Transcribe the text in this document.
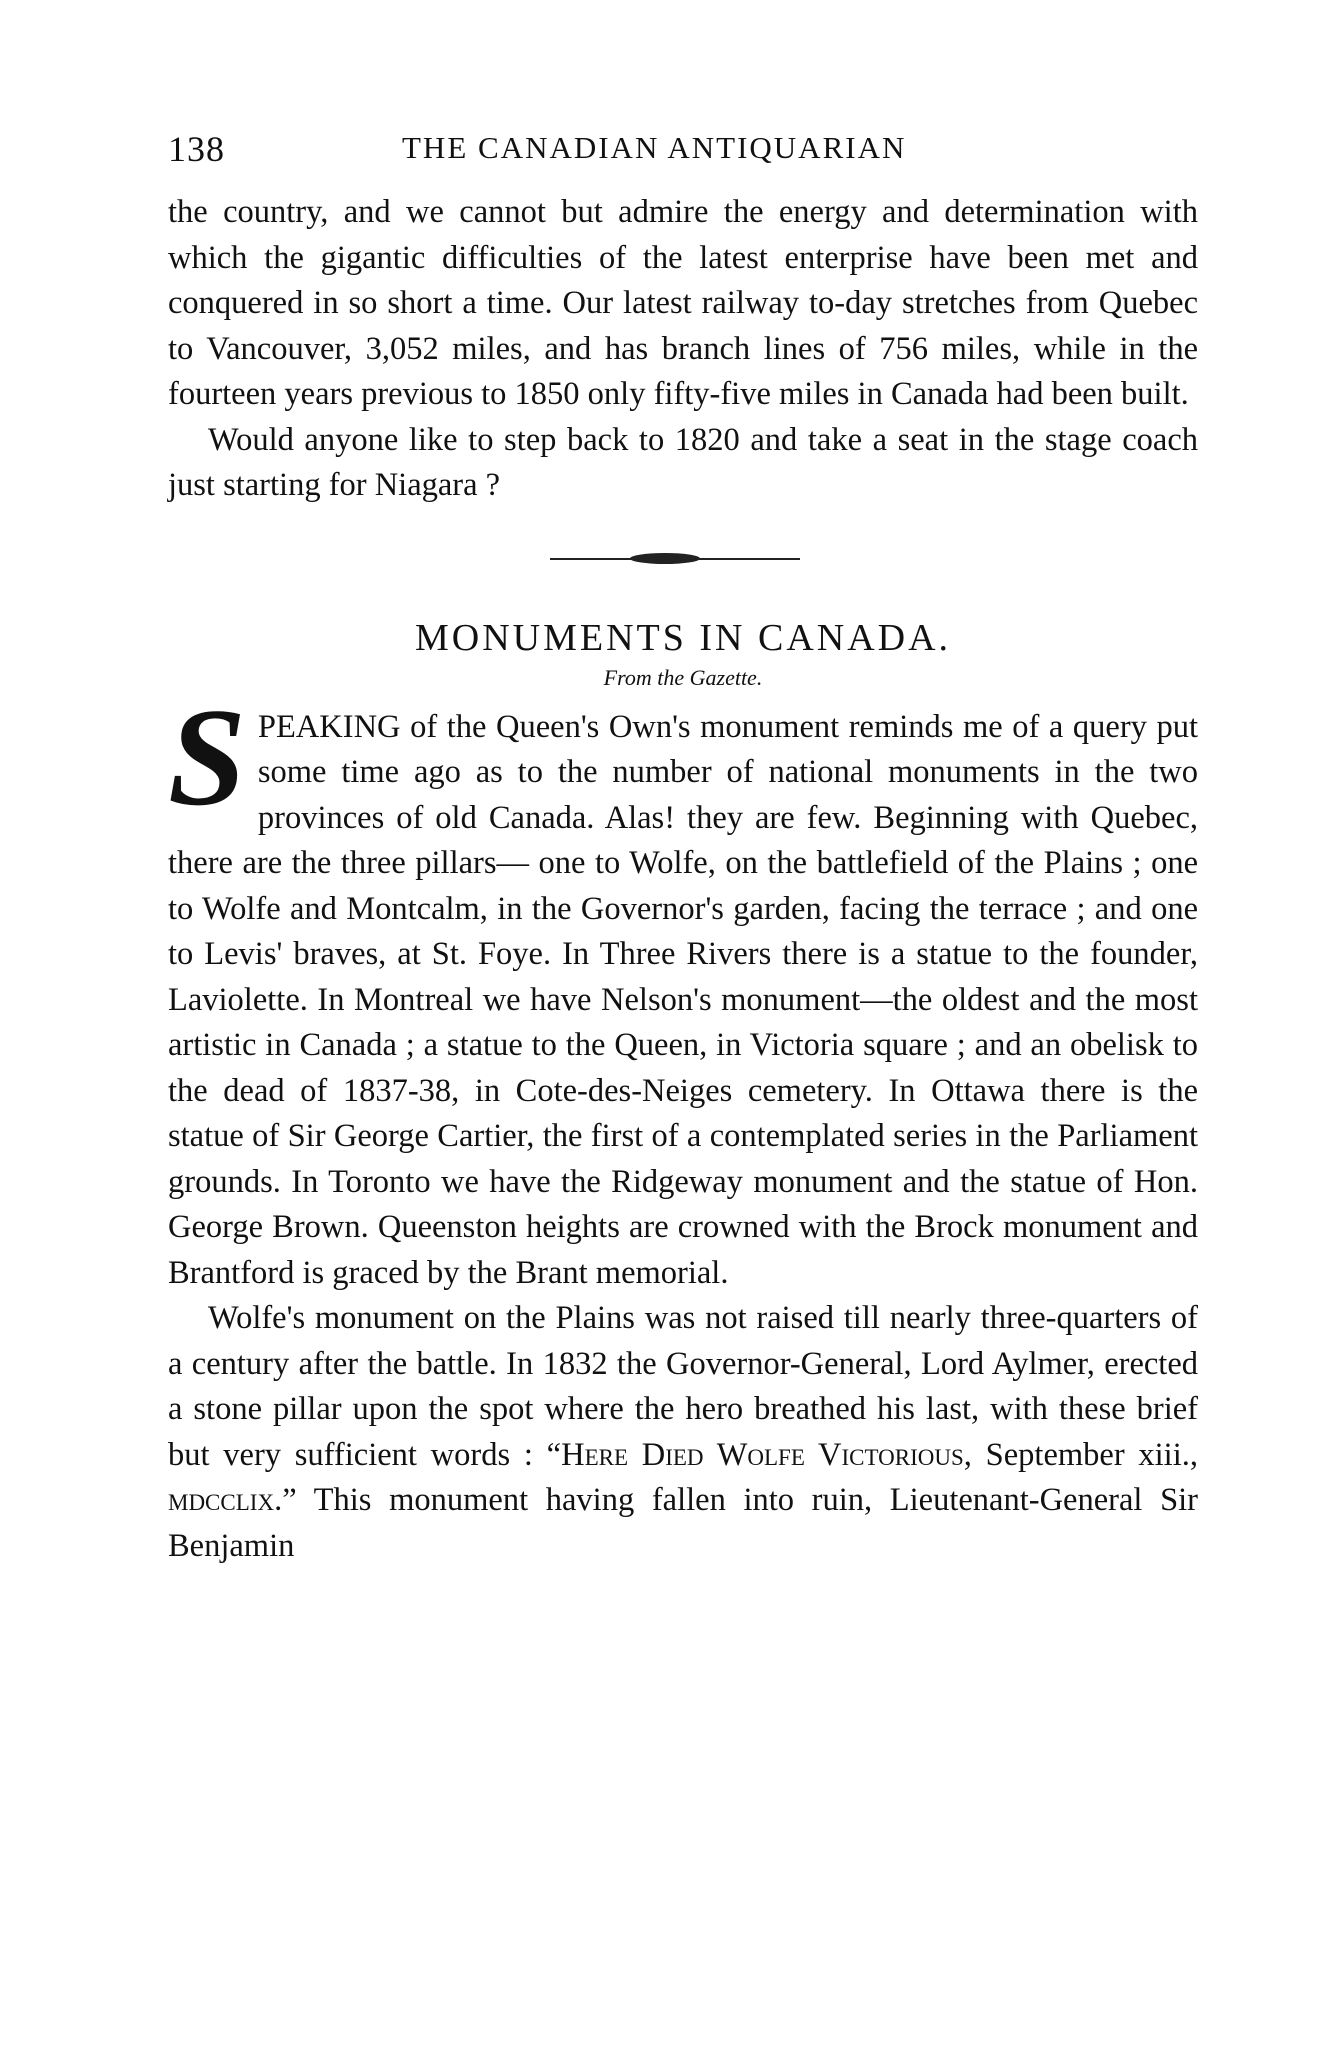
138	THE CANADIAN ANTIQUARIAN

the country, and we cannot but admire the energy and determination with which the gigantic difficulties of the latest enterprise have been met and conquered in so short a time. Our latest railway to-day stretches from Quebec to Vancouver, 3,052 miles, and has branch lines of 756 miles, while in the fourteen years previous to 1850 only fifty-five miles in Canada had been built.

Would anyone like to step back to 1820 and take a seat in the stage coach just starting for Niagara ?

MONUMENTS IN CANADA.
From the Gazette.

SPEAKING of the Queen's Own's monument reminds me of a query put some time ago as to the number of national monuments in the two provinces of old Canada. Alas! they are few. Beginning with Quebec, there are the three pillars— one to Wolfe, on the battlefield of the Plains ; one to Wolfe and Montcalm, in the Governor's garden, facing the terrace ; and one to Levis' braves, at St. Foye. In Three Rivers there is a statue to the founder, Laviolette. In Montreal we have Nelson's monument—the oldest and the most artistic in Canada ; a statue to the Queen, in Victoria square ; and an obelisk to the dead of 1837-38, in Cote-des-Neiges cemetery. In Ottawa there is the statue of Sir George Cartier, the first of a contemplated series in the Parliament grounds. In Toronto we have the Ridgeway monument and the statue of Hon. George Brown. Queenston heights are crowned with the Brock monument and Brantford is graced by the Brant memorial.

Wolfe's monument on the Plains was not raised till nearly three-quarters of a century after the battle. In 1832 the Governor-General, Lord Aylmer, erected a stone pillar upon the spot where the hero breathed his last, with these brief but very sufficient words : “Here Died Wolfe Victorious, September xiii., mdcclix.” This monument having fallen into ruin, Lieutenant-General Sir Benjamin
